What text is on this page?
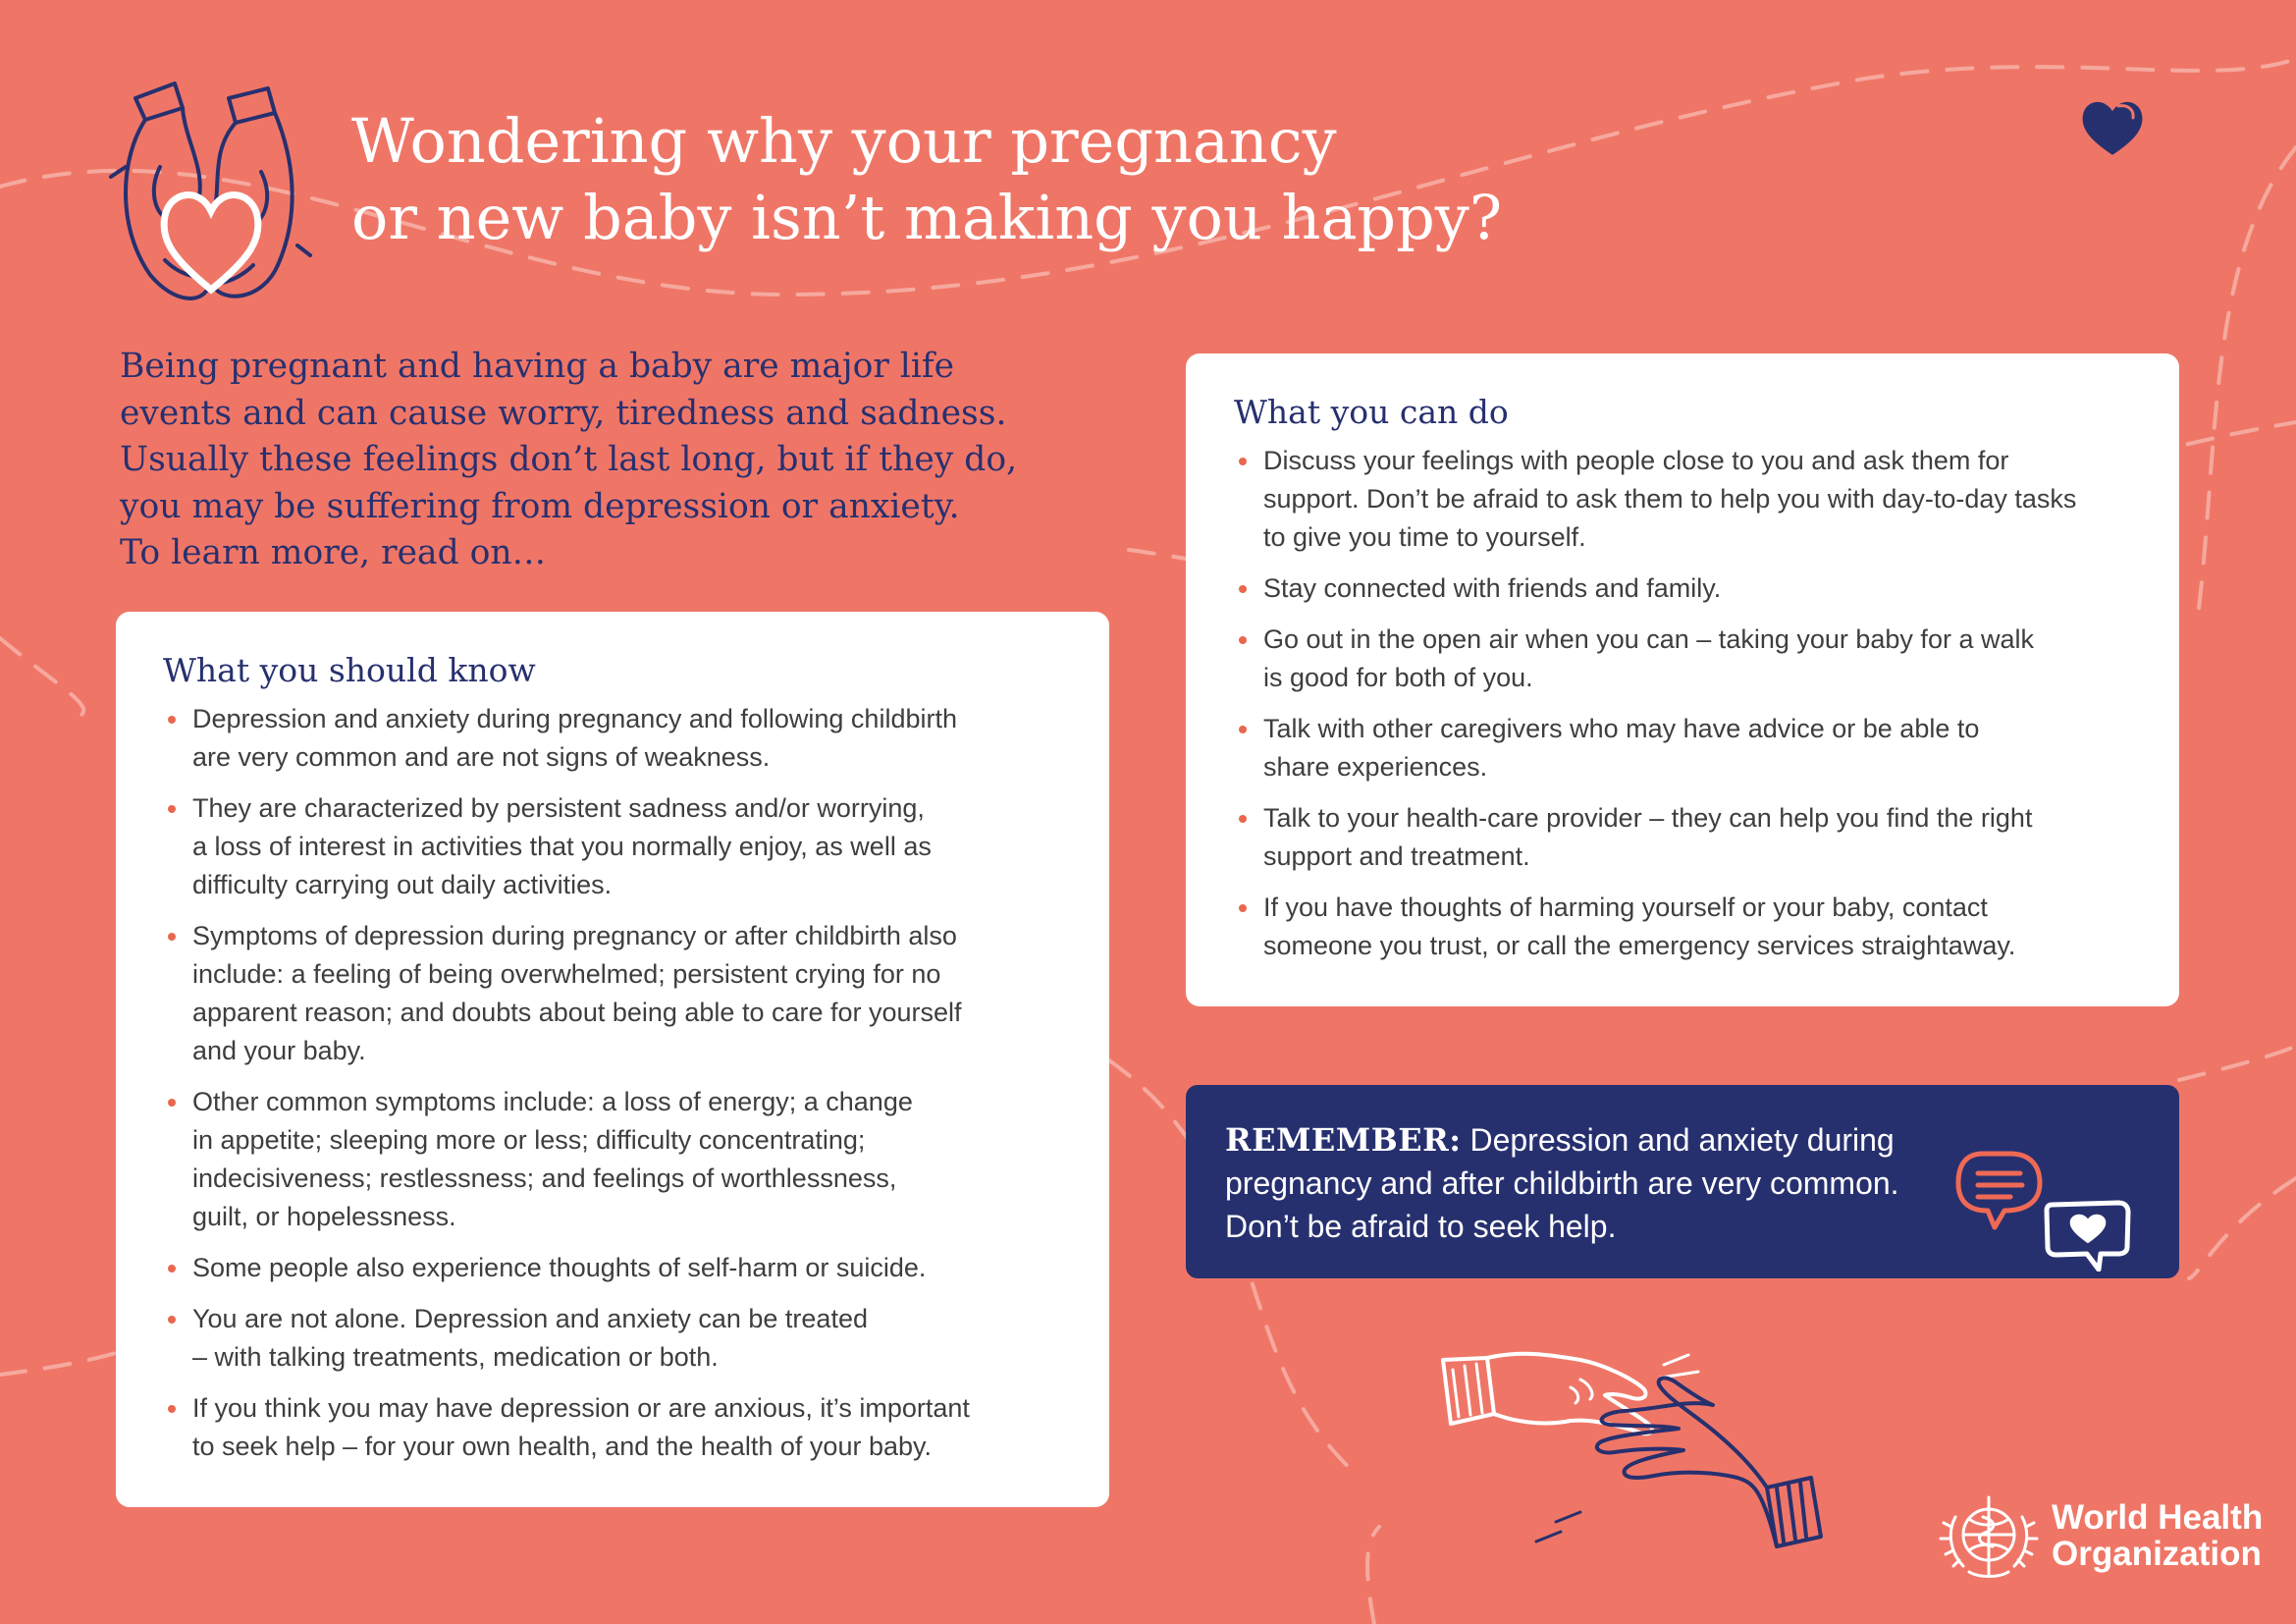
Wondering why your pregnancy
or new baby isn’t making you happy?

Being pregnant and having a baby are major life
events and can cause worry, tiredness and sadness.
Usually these feelings don’t last long, but if they do,
you may be suffering from depression or anxiety.
To learn more, read on…

What you should know
Depression and anxiety during pregnancy and following childbirth
are very common and are not signs of weakness.
They are characterized by persistent sadness and/or worrying,
a loss of interest in activities that you normally enjoy, as well as
difficulty carrying out daily activities.
Symptoms of depression during pregnancy or after childbirth also
include: a feeling of being overwhelmed; persistent crying for no
apparent reason; and doubts about being able to care for yourself
and your baby.
Other common symptoms include: a loss of energy; a change
in appetite; sleeping more or less; difficulty concentrating;
indecisiveness; restlessness; and feelings of worthlessness,
guilt, or hopelessness.
Some people also experience thoughts of self-harm or suicide.
You are not alone. Depression and anxiety can be treated
– with talking treatments, medication or both.
If you think you may have depression or are anxious, it’s important
to seek help – for your own health, and the health of your baby.
What you can do
Discuss your feelings with people close to you and ask them for
support. Don’t be afraid to ask them to help you with day-to-day tasks
to give you time to yourself.
Stay connected with friends and family.
Go out in the open air when you can – taking your baby for a walk
is good for both of you.
Talk with other caregivers who may have advice or be able to
share experiences.
Talk to your health-care provider – they can help you find the right
support and treatment.
If you have thoughts of harming yourself or your baby, contact
someone you trust, or call the emergency services straightaway.

REMEMBER: Depression and anxiety during
pregnancy and after childbirth are very common.
Don’t be afraid to seek help.

World Health
Organization
